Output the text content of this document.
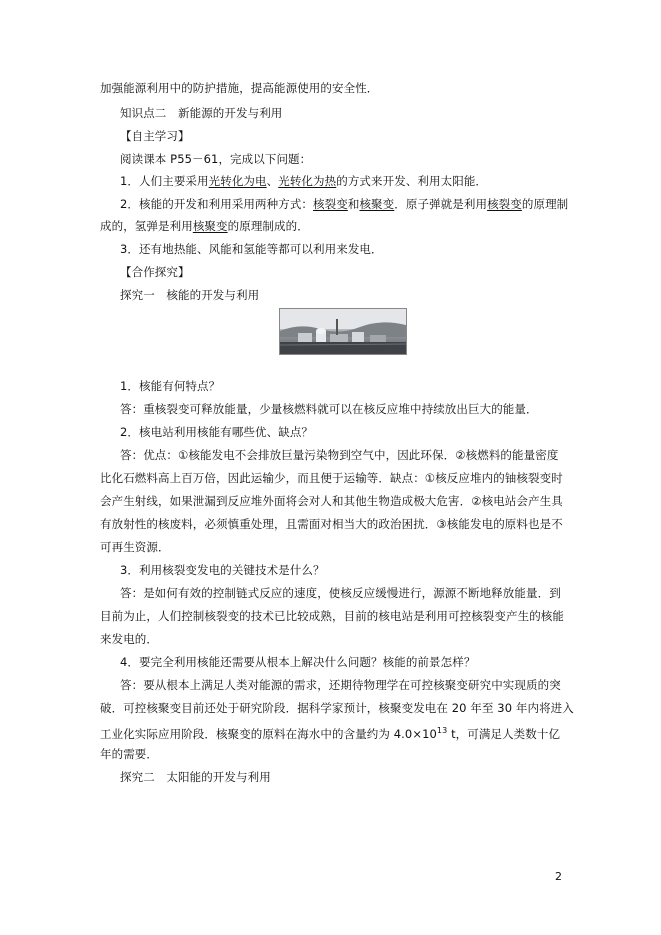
加强能源利用中的防护措施，提高能源使用的安全性．
知识点二　新能源的开发与利用
【自主学习】
阅读课本 P55－61，完成以下问题：
1．人们主要采用光转化为电、光转化为热的方式来开发、利用太阳能．
2．核能的开发和利用采用两种方式：核裂变和核聚变．原子弹就是利用核裂变的原理制
成的，氢弹是利用核聚变的原理制成的．
3．还有地热能、风能和氢能等都可以利用来发电．
【合作探究】
探究一　核能的开发与利用
1．核能有何特点？
答：重核裂变可释放能量，少量核燃料就可以在核反应堆中持续放出巨大的能量．
2．核电站利用核能有哪些优、缺点？
答：优点：①核能发电不会排放巨量污染物到空气中，因此环保．②核燃料的能量密度
比化石燃料高上百万倍，因此运输少，而且便于运输等．缺点：①核反应堆内的铀核裂变时
会产生射线，如果泄漏到反应堆外面将会对人和其他生物造成极大危害．②核电站会产生具
有放射性的核废料，必须慎重处理，且需面对相当大的政治困扰．③核能发电的原料也是不
可再生资源．
3．利用核裂变发电的关键技术是什么？
答：是如何有效的控制链式反应的速度，使核反应缓慢进行，源源不断地释放能量．到
目前为止，人们控制核裂变的技术已比较成熟，目前的核电站是利用可控核裂变产生的核能
来发电的．
4．要完全利用核能还需要从根本上解决什么问题？核能的前景怎样？
答：要从根本上满足人类对能源的需求，还期待物理学在可控核聚变研究中实现质的突
破．可控核聚变目前还处于研究阶段．据科学家预计，核聚变发电在 20 年至 30 年内将进入
工业化实际应用阶段．核聚变的原料在海水中的含量约为 $4.0\times 10^{13}$ t，可满足人类数十亿
年的需要．
探究二　太阳能的开发与利用
2
